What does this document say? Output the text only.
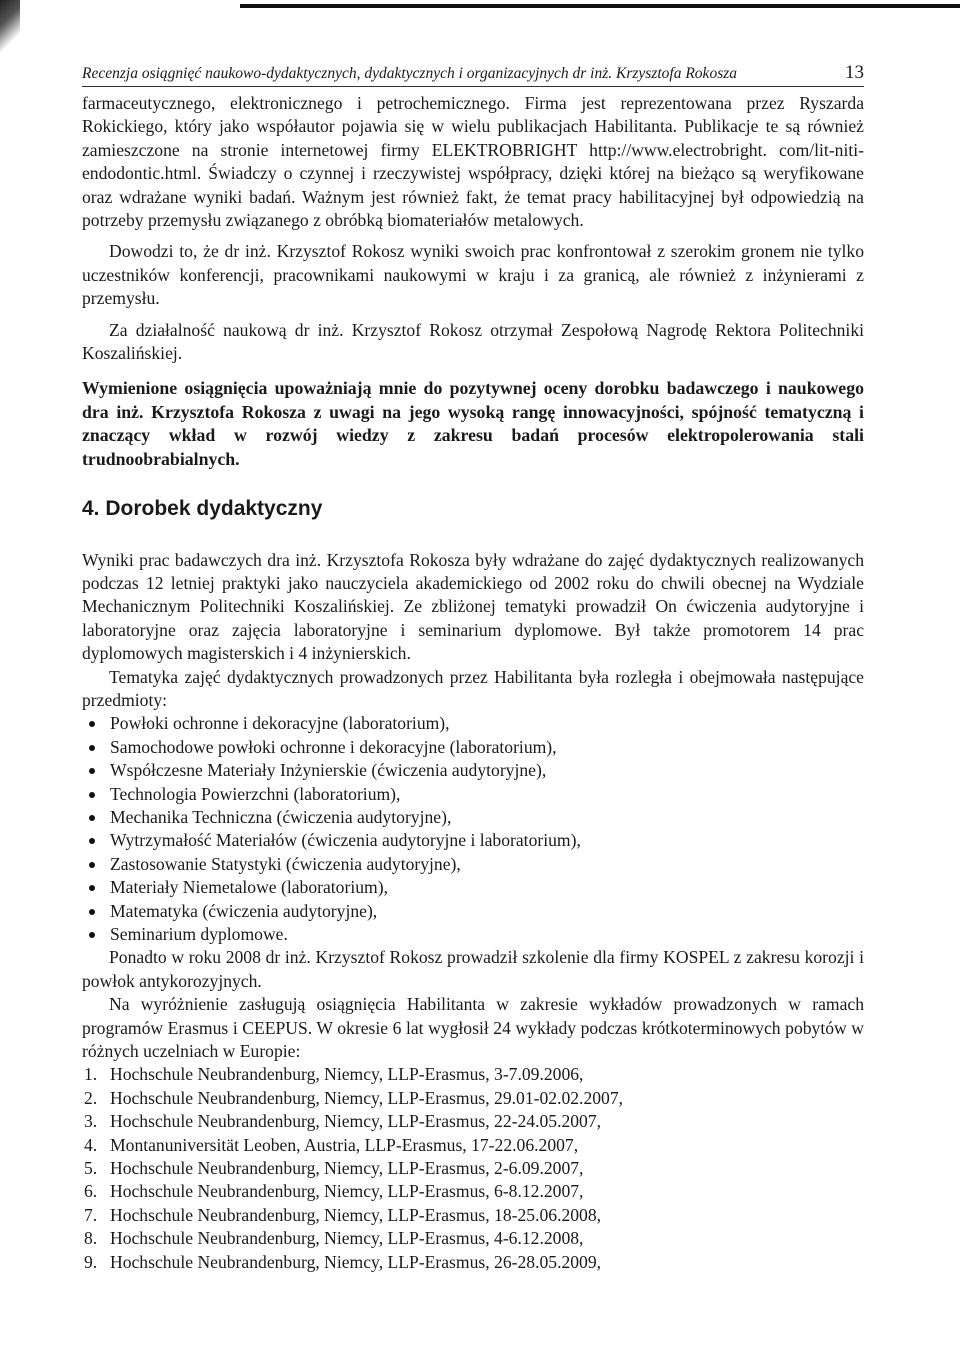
Recenzja osiągnięć naukowo-dydaktycznych, dydaktycznych i organizacyjnych dr inż. Krzysztofa Rokosza	13

farmaceutycznego, elektronicznego i petrochemicznego. Firma jest reprezentowana przez Ryszarda Rokickiego, który jako współautor pojawia się w wielu publikacjach Habilitanta. Publikacje te są również zamieszczone na stronie internetowej firmy ELEKTROBRIGHT http://www.electrobright. com/lit-niti-endodontic.html. Świadczy o czynnej i rzeczywistej współpracy, dzięki której na bieżąco są weryfikowane oraz wdrażane wyniki badań. Ważnym jest również fakt, że temat pracy habilitacyjnej był odpowiedzią na potrzeby przemysłu związanego z obróbką biomateriałów metalowych.

Dowodzi to, że dr inż. Krzysztof Rokosz wyniki swoich prac konfrontował z szerokim gronem nie tylko uczestników konferencji, pracownikami naukowymi w kraju i za granicą, ale również z inżynierami z przemysłu.

Za działalność naukową dr inż. Krzysztof Rokosz otrzymał Zespołową Nagrodę Rektora Politechniki Koszalińskiej.

Wymienione osiągnięcia upoważniają mnie do pozytywnej oceny dorobku badawczego i naukowego dra inż. Krzysztofa Rokosza z uwagi na jego wysoką rangę innowacyjności, spójność tematyczną i znaczący wkład w rozwój wiedzy z zakresu badań procesów elektropolerowania stali trudnoobrabialnych.

4. Dorobek dydaktyczny

Wyniki prac badawczych dra inż. Krzysztofa Rokosza były wdrażane do zajęć dydaktycznych realizowanych podczas 12 letniej praktyki jako nauczyciela akademickiego od 2002 roku do chwili obecnej na Wydziale Mechanicznym Politechniki Koszalińskiej. Ze zbliżonej tematyki prowadził On ćwiczenia audytoryjne i laboratoryjne oraz zajęcia laboratoryjne i seminarium dyplomowe. Był także promotorem 14 prac dyplomowych magisterskich i 4 inżynierskich.

Tematyka zajęć dydaktycznych prowadzonych przez Habilitanta była rozległa i obejmowała następujące przedmioty:

Powłoki ochronne i dekoracyjne (laboratorium),
Samochodowe powłoki ochronne i dekoracyjne (laboratorium),
Współczesne Materiały Inżynierskie (ćwiczenia audytoryjne),
Technologia Powierzchni (laboratorium),
Mechanika Techniczna (ćwiczenia audytoryjne),
Wytrzymałość Materiałów (ćwiczenia audytoryjne i laboratorium),
Zastosowanie Statystyki (ćwiczenia audytoryjne),
Materiały Niemetalowe (laboratorium),
Matematyka (ćwiczenia audytoryjne),
Seminarium dyplomowe.

Ponadto w roku 2008 dr inż. Krzysztof Rokosz prowadził szkolenie dla firmy KOSPEL z zakresu korozji i powłok antykorozyjnych.

Na wyróżnienie zasługują osiągnięcia Habilitanta w zakresie wykładów prowadzonych w ramach programów Erasmus i CEEPUS. W okresie 6 lat wygłosił 24 wykłady podczas krótkoterminowych pobytów w różnych uczelniach w Europie:

1. Hochschule Neubrandenburg, Niemcy, LLP-Erasmus, 3-7.09.2006,
2. Hochschule Neubrandenburg, Niemcy, LLP-Erasmus, 29.01-02.02.2007,
3. Hochschule Neubrandenburg, Niemcy, LLP-Erasmus, 22-24.05.2007,
4. Montanuniversität Leoben, Austria, LLP-Erasmus, 17-22.06.2007,
5. Hochschule Neubrandenburg, Niemcy, LLP-Erasmus, 2-6.09.2007,
6. Hochschule Neubrandenburg, Niemcy, LLP-Erasmus, 6-8.12.2007,
7. Hochschule Neubrandenburg, Niemcy, LLP-Erasmus, 18-25.06.2008,
8. Hochschule Neubrandenburg, Niemcy, LLP-Erasmus, 4-6.12.2008,
9. Hochschule Neubrandenburg, Niemcy, LLP-Erasmus, 26-28.05.2009,
